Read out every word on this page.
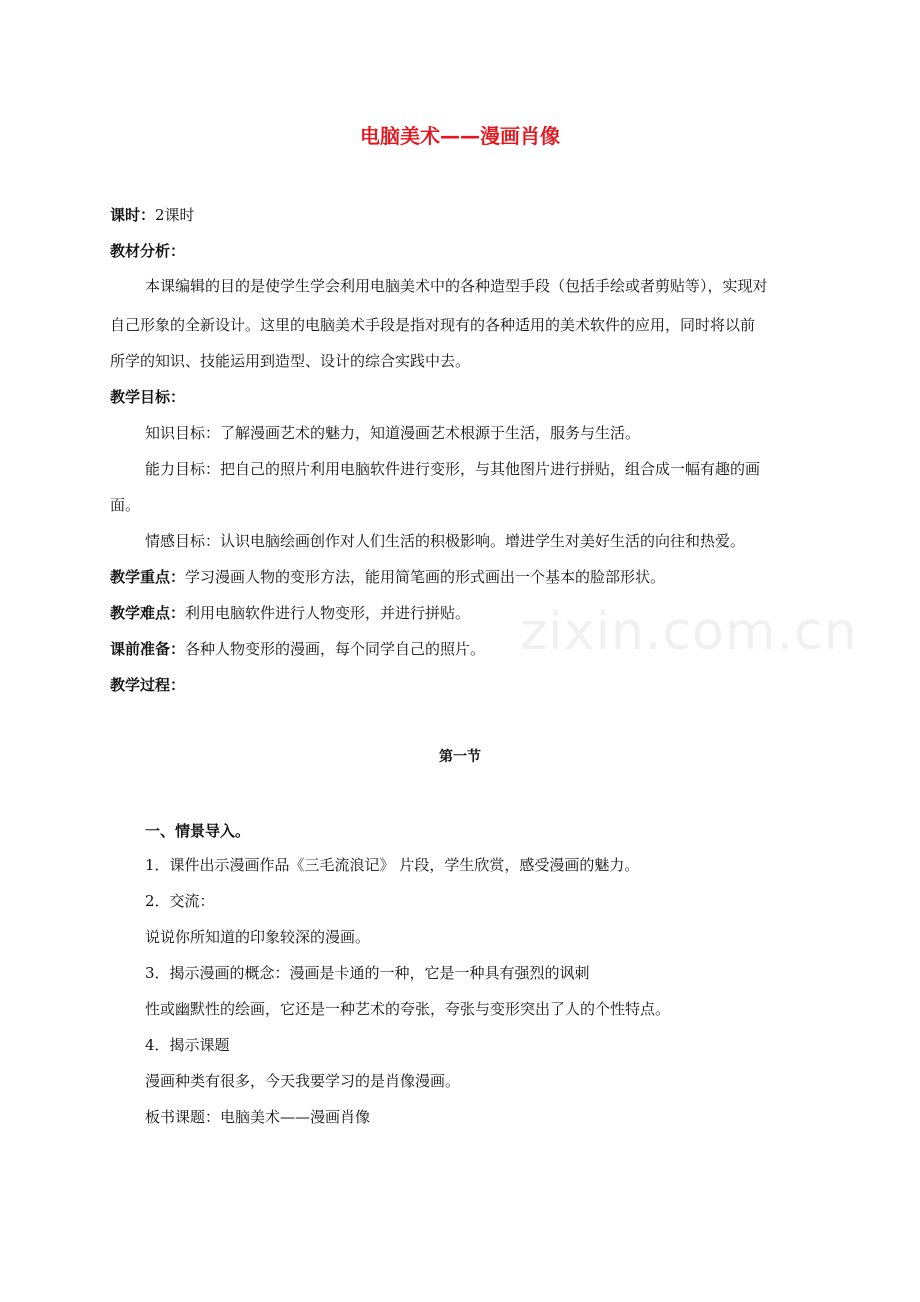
电脑美术——漫画肖像
课时：2课时
教材分析：
本课编辑的目的是使学生学会利用电脑美术中的各种造型手段（包括手绘或者剪贴等），实现对
自己形象的全新设计。这里的电脑美术手段是指对现有的各种适用的美术软件的应用，同时将以前
所学的知识、技能运用到造型、设计的综合实践中去。
教学目标：
知识目标：了解漫画艺术的魅力，知道漫画艺术根源于生活，服务与生活。
能力目标：把自己的照片利用电脑软件进行变形，与其他图片进行拼贴，组合成一幅有趣的画
面。
情感目标：认识电脑绘画创作对人们生活的积极影响。增进学生对美好生活的向往和热爱。
教学重点：学习漫画人物的变形方法，能用简笔画的形式画出一个基本的脸部形状。
教学难点：利用电脑软件进行人物变形，并进行拼贴。
课前准备：各种人物变形的漫画，每个同学自己的照片。
教学过程：
第一节
一、情景导入。
1．课件出示漫画作品《三毛流浪记》 片段，学生欣赏，感受漫画的魅力。
2．交流：
说说你所知道的印象较深的漫画。
3．揭示漫画的概念：漫画是卡通的一种，它是一种具有强烈的讽刺
性或幽默性的绘画，它还是一种艺术的夸张，夸张与变形突出了人的个性特点。
4．揭示课题
漫画种类有很多，今天我要学习的是肖像漫画。
板书课题：电脑美术——漫画肖像
zixin.com.cn
